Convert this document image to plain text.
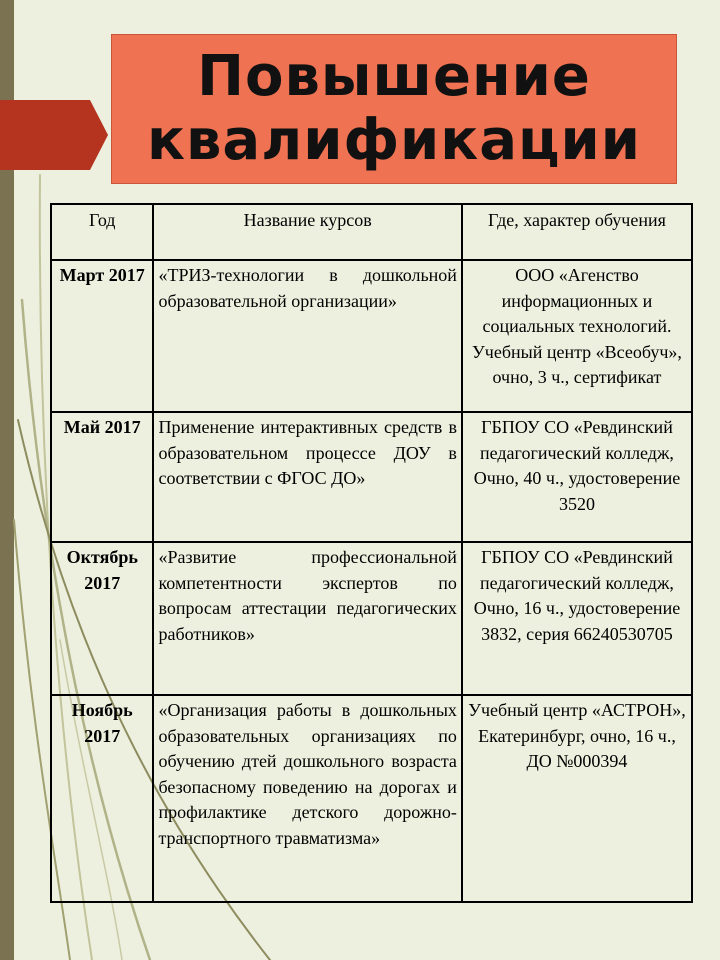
Повышение квалификации
Год	Название курсов	Где, характер обучения
Март 2017	«ТРИЗ-технологии в дошкольной образовательной организации»	ООО «Агенство информационных и социальных технологий. Учебный центр «Всеобуч», очно, 3 ч., сертификат
Май 2017	Применение интерактивных средств в образовательном процессе ДОУ в соответствии с ФГОС ДО»	ГБПОУ СО «Ревдинский педагогический колледж, Очно, 40 ч., удостоверение 3520
Октябрь 2017	«Развитие профессиональной компетентности экспертов по вопросам аттестации педагогических работников»	ГБПОУ СО «Ревдинский педагогический колледж, Очно, 16 ч., удостоверение 3832, серия 66240530705
Ноябрь 2017	«Организация работы в дошкольных образовательных организациях по обучению дтей дошкольного возраста безопасному поведению на дорогах и профилактике детского дорожно-транспортного травматизма»	Учебный центр «АСТРОН», Екатеринбург, очно, 16 ч., ДО №000394
